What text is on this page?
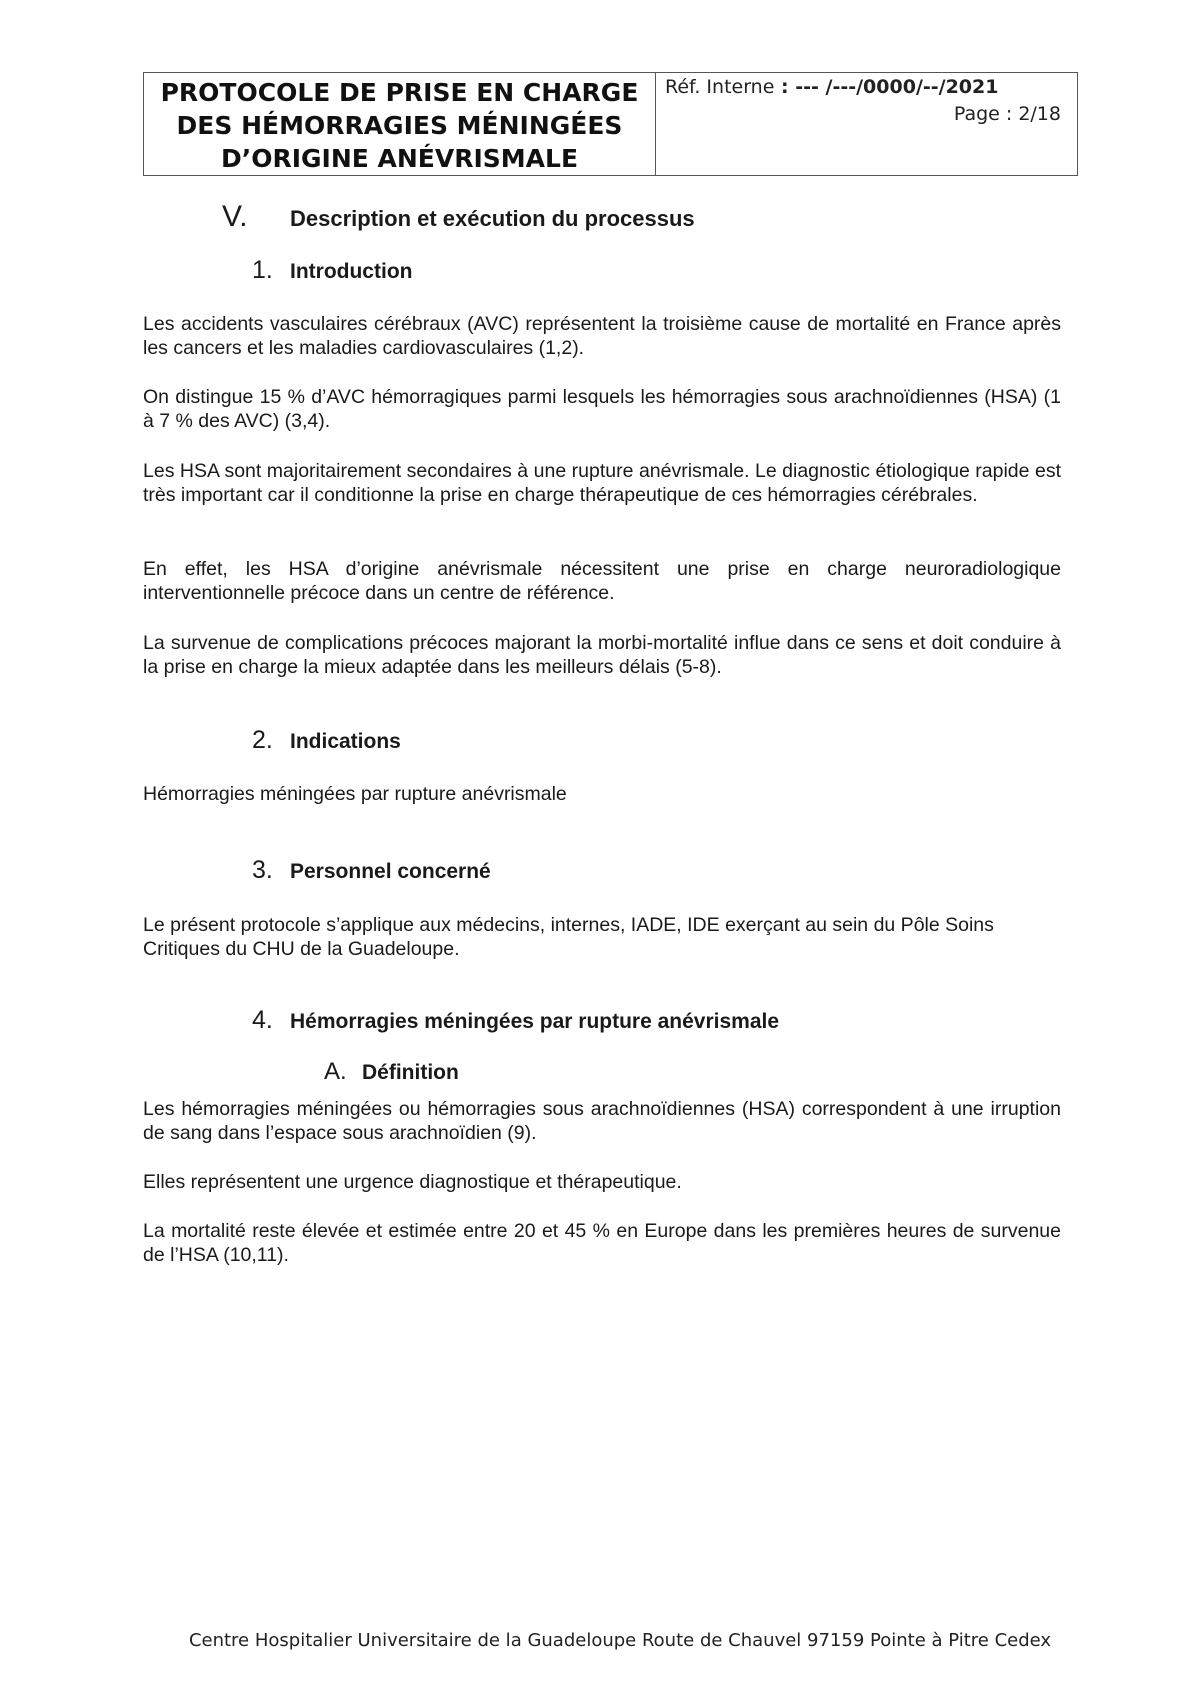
PROTOCOLE DE PRISE EN CHARGE
DES HÉMORRAGIES MÉNINGÉES
D’ORIGINE ANÉVRISMALE
Réf. Interne : --- /---/0000/--/2021
Page : 2/18
V.	Description et exécution du processus
1. Introduction

Les accidents vasculaires cérébraux (AVC) représentent la troisième cause de mortalité en France après les cancers et les maladies cardiovasculaires (1,2).

On distingue 15 % d’AVC hémorragiques parmi lesquels les hémorragies sous arachnoïdiennes (HSA) (1 à 7 % des AVC) (3,4).

Les HSA sont majoritairement secondaires à une rupture anévrismale. Le diagnostic étiologique rapide est très important car il conditionne la prise en charge thérapeutique de ces hémorragies cérébrales.

En effet, les HSA d’origine anévrismale nécessitent une prise en charge neuroradiologique interventionnelle précoce dans un centre de référence.

La survenue de complications précoces majorant la morbi-mortalité influe dans ce sens et doit conduire à la prise en charge la mieux adaptée dans les meilleurs délais (5-8).

2. Indications

Hémorragies méningées par rupture anévrismale

3. Personnel concerné

Le présent protocole s’applique aux médecins, internes, IADE, IDE exerçant au sein du Pôle Soins Critiques du CHU de la Guadeloupe.

4. Hémorragies méningées par rupture anévrismale
A. Définition

Les hémorragies méningées ou hémorragies sous arachnoïdiennes (HSA) correspondent à une irruption de sang dans l’espace sous arachnoïdien (9).

Elles représentent une urgence diagnostique et thérapeutique.

La mortalité reste élevée et estimée entre 20 et 45 % en Europe dans les premières heures de survenue de l’HSA (10,11).

Centre Hospitalier Universitaire de la Guadeloupe Route de Chauvel 97159 Pointe à Pitre Cedex
